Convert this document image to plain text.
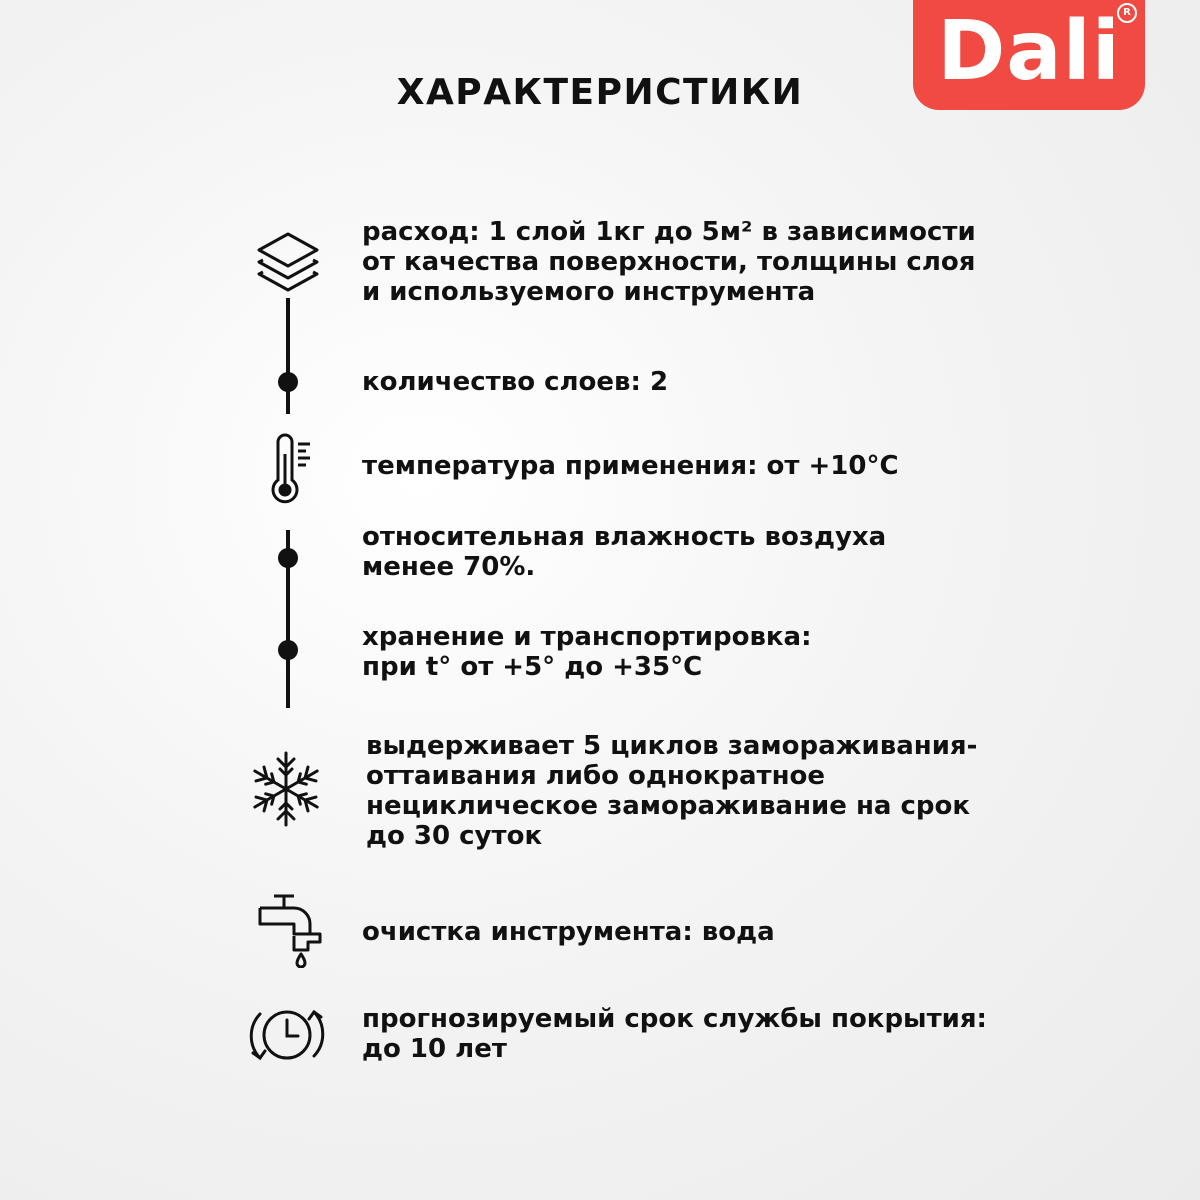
Dali R
ХАРАКТЕРИСТИКИ
расход: 1 слой 1кг до 5м² в зависимости
от качества поверхности, толщины слоя
и используемого инструмента
количество слоев: 2
температура применения: от +10°C
относительная влажность воздуха
менее 70%.
хранение и транспортировка:
при t° от +5° до +35°C
выдерживает 5 циклов замораживания-
оттаивания либо однократное
нециклическое замораживание на срок
до 30 суток
очистка инструмента: вода
прогнозируемый срок службы покрытия:
до 10 лет
